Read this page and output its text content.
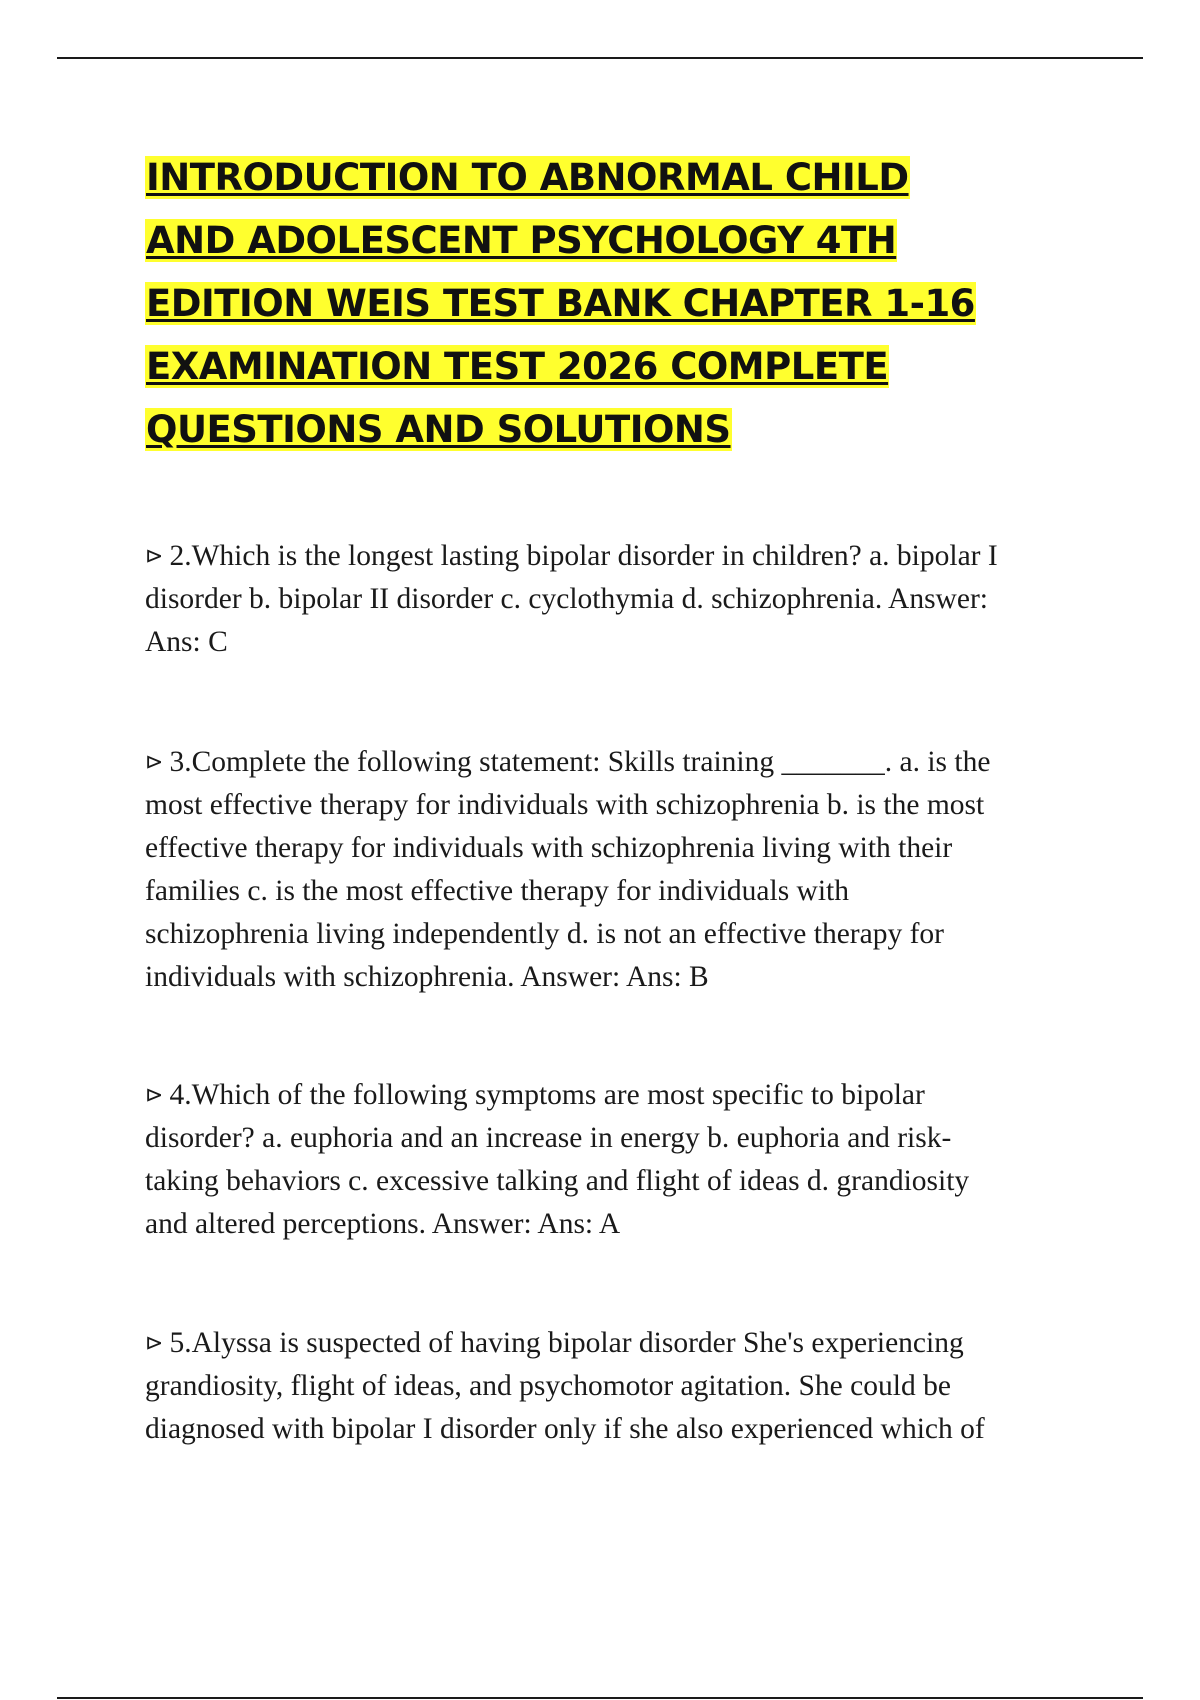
INTRODUCTION TO ABNORMAL CHILD
AND ADOLESCENT PSYCHOLOGY 4TH
EDITION WEIS TEST BANK CHAPTER 1-16
EXAMINATION TEST 2026 COMPLETE
QUESTIONS AND SOLUTIONS
⊳ 2.Which is the longest lasting bipolar disorder in children? a. bipolar I
disorder b. bipolar II disorder c. cyclothymia d. schizophrenia. Answer:
Ans: C
⊳ 3.Complete the following statement: Skills training _______. a. is the
most effective therapy for individuals with schizophrenia b. is the most
effective therapy for individuals with schizophrenia living with their
families c. is the most effective therapy for individuals with
schizophrenia living independently d. is not an effective therapy for
individuals with schizophrenia. Answer: Ans: B
⊳ 4.Which of the following symptoms are most specific to bipolar
disorder? a. euphoria and an increase in energy b. euphoria and risk-
taking behaviors c. excessive talking and flight of ideas d. grandiosity
and altered perceptions. Answer: Ans: A
⊳ 5.Alyssa is suspected of having bipolar disorder She's experiencing
grandiosity, flight of ideas, and psychomotor agitation. She could be
diagnosed with bipolar I disorder only if she also experienced which of
